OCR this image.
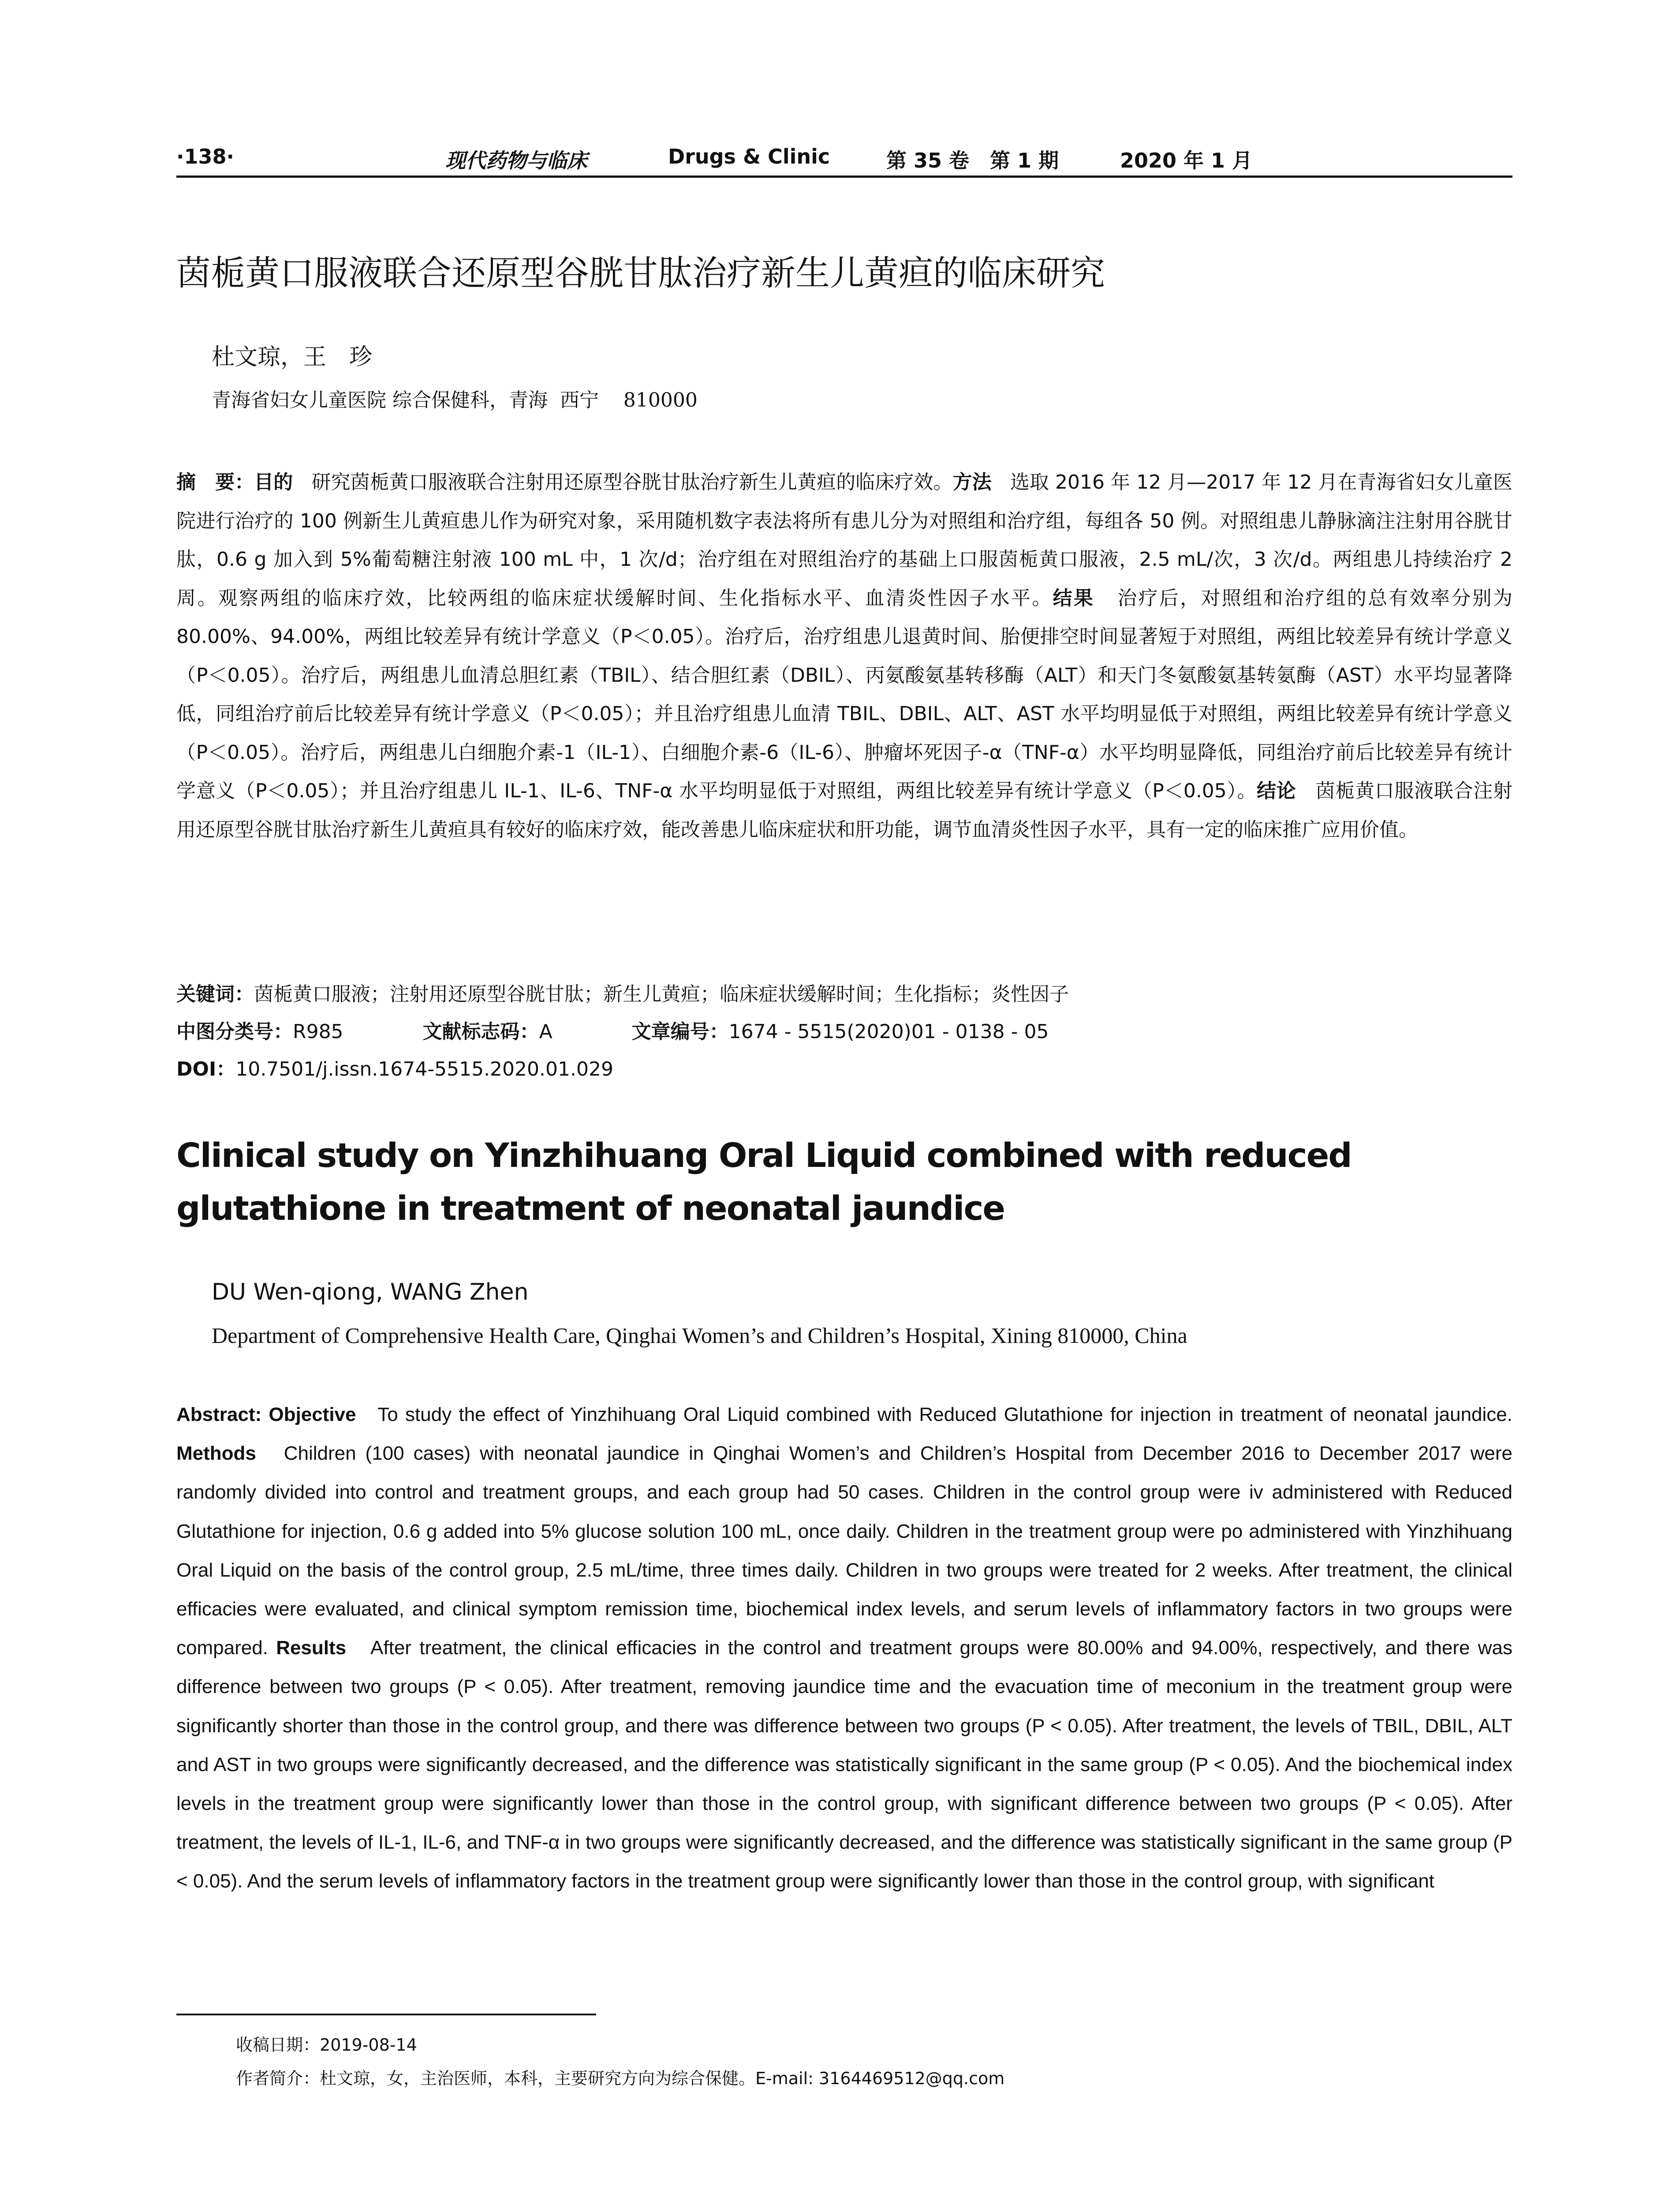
·138·	现代药物与临床	Drugs & Clinic	第 35 卷 第 1 期	2020 年 1 月
茵栀黄口服液联合还原型谷胱甘肽治疗新生儿黄疸的临床研究
杜文琼，王　珍
青海省妇女儿童医院 综合保健科，青海  西宁    810000
摘　要：目的 研究茵栀黄口服液联合注射用还原型谷胱甘肽治疗新生儿黄疸的临床疗效。方法 选取 2016 年 12 月—2017 年 12 月在青海省妇女儿童医院进行治疗的 100 例新生儿黄疸患儿作为研究对象，采用随机数字表法将所有患儿分为对照组和治疗组，每组各 50 例。对照组患儿静脉滴注注射用谷胱甘肽，0.6 g 加入到 5%葡萄糖注射液 100 mL 中，1 次/d；治疗组在对照组治疗的基础上口服茵栀黄口服液，2.5 mL/次，3 次/d。两组患儿持续治疗 2 周。观察两组的临床疗效，比较两组的临床症状缓解时间、生化指标水平、血清炎性因子水平。结果 治疗后，对照组和治疗组的总有效率分别为 80.00%、94.00%，两组比较差异有统计学意义（P＜0.05）。治疗后，治疗组患儿退黄时间、胎便排空时间显著短于对照组，两组比较差异有统计学意义（P＜0.05）。治疗后，两组患儿血清总胆红素（TBIL）、结合胆红素（DBIL）、丙氨酸氨基转移酶（ALT）和天门冬氨酸氨基转氨酶（AST）水平均显著降低，同组治疗前后比较差异有统计学意义（P＜0.05）；并且治疗组患儿血清 TBIL、DBIL、ALT、AST 水平均明显低于对照组，两组比较差异有统计学意义（P＜0.05）。治疗后，两组患儿白细胞介素-1（IL-1）、白细胞介素-6（IL-6）、肿瘤坏死因子-α（TNF-α）水平均明显降低，同组治疗前后比较差异有统计学意义（P＜0.05）；并且治疗组患儿 IL-1、IL-6、TNF-α 水平均明显低于对照组，两组比较差异有统计学意义（P＜0.05）。结论 茵栀黄口服液联合注射用还原型谷胱甘肽治疗新生儿黄疸具有较好的临床疗效，能改善患儿临床症状和肝功能，调节血清炎性因子水平，具有一定的临床推广应用价值。
关键词：茵栀黄口服液；注射用还原型谷胱甘肽；新生儿黄疸；临床症状缓解时间；生化指标；炎性因子
中图分类号：R985	文献标志码：A	文章编号：1674 - 5515(2020)01 - 0138 - 05
DOI：10.7501/j.issn.1674-5515.2020.01.029
Clinical study on Yinzhihuang Oral Liquid combined with reduced glutathione in treatment of neonatal jaundice
DU Wen-qiong, WANG Zhen
Department of Comprehensive Health Care, Qinghai Women’s and Children’s Hospital, Xining 810000, China
Abstract: Objective To study the effect of Yinzhihuang Oral Liquid combined with Reduced Glutathione for injection in treatment of neonatal jaundice. Methods Children (100 cases) with neonatal jaundice in Qinghai Women’s and Children’s Hospital from December 2016 to December 2017 were randomly divided into control and treatment groups, and each group had 50 cases. Children in the control group were iv administered with Reduced Glutathione for injection, 0.6 g added into 5% glucose solution 100 mL, once daily. Children in the treatment group were po administered with Yinzhihuang Oral Liquid on the basis of the control group, 2.5 mL/time, three times daily. Children in two groups were treated for 2 weeks. After treatment, the clinical efficacies were evaluated, and clinical symptom remission time, biochemical index levels, and serum levels of inflammatory factors in two groups were compared. Results After treatment, the clinical efficacies in the control and treatment groups were 80.00% and 94.00%, respectively, and there was difference between two groups (P < 0.05). After treatment, removing jaundice time and the evacuation time of meconium in the treatment group were significantly shorter than those in the control group, and there was difference between two groups (P < 0.05). After treatment, the levels of TBIL, DBIL, ALT and AST in two groups were significantly decreased, and the difference was statistically significant in the same group (P < 0.05). And the biochemical index levels in the treatment group were significantly lower than those in the control group, with significant difference between two groups (P < 0.05). After treatment, the levels of IL-1, IL-6, and TNF-α in two groups were significantly decreased, and the difference was statistically significant in the same group (P < 0.05). And the serum levels of inflammatory factors in the treatment group were significantly lower than those in the control group, with significant
收稿日期：2019-08-14
作者简介：杜文琼，女，主治医师，本科，主要研究方向为综合保健。E-mail: 3164469512@qq.com
